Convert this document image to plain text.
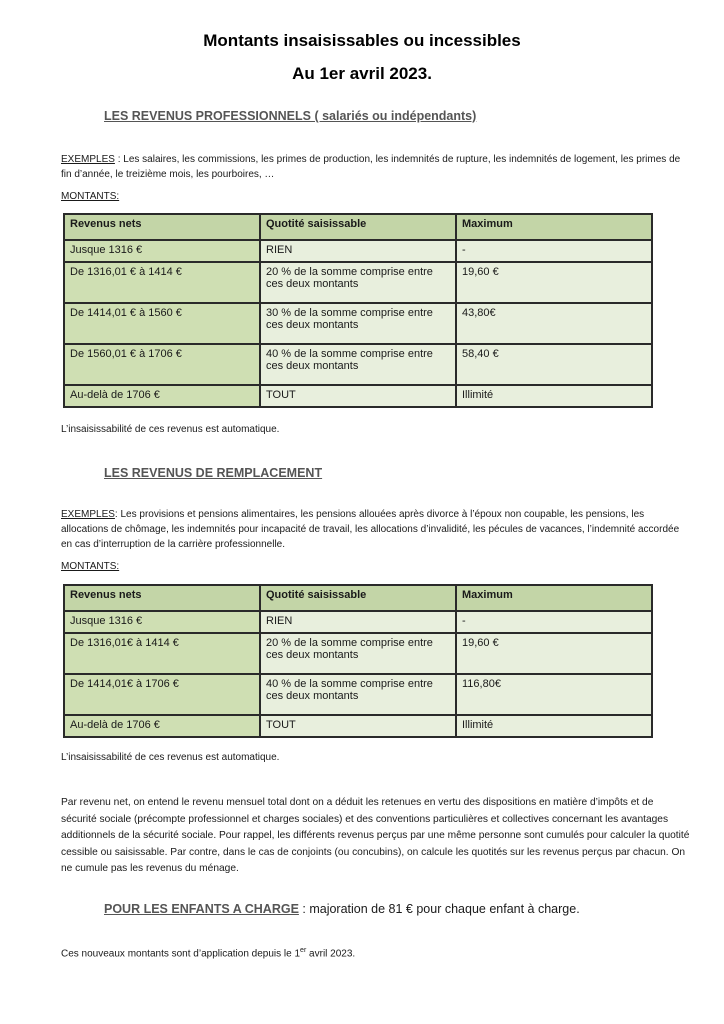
Montants insaisissables ou incessibles
Au 1er avril 2023.
LES REVENUS PROFESSIONNELS ( salariés ou indépendants)
EXEMPLES : Les salaires, les commissions, les primes de production, les indemnités de rupture, les indemnités de logement, les primes de fin d’année, le treizième mois, les pourboires, …
MONTANTS:
Revenus nets	Quotité saisissable	Maximum
Jusque 1316 €	RIEN	-
De 1316,01 € à 1414 €	20 % de la somme comprise entre ces deux montants	19,60 €
De 1414,01 € à 1560 €	30 % de la somme comprise entre ces deux montants	43,80€
De 1560,01 € à 1706 €	40 % de la somme comprise entre ces deux montants	58,40 €
Au-delà de 1706 €	TOUT	Illimité
L’insaisissabilité de ces revenus est automatique.
LES REVENUS DE REMPLACEMENT
EXEMPLES: Les provisions et pensions alimentaires, les pensions allouées après divorce à l’époux non coupable, les pensions, les allocations de chômage, les indemnités pour incapacité de travail, les allocations d’invalidité, les pécules de vacances, l’indemnité accordée en cas d’interruption de la carrière professionnelle.
MONTANTS:
Revenus nets	Quotité saisissable	Maximum
Jusque 1316 €	RIEN	-
De 1316,01€ à 1414 €	20 % de la somme comprise entre ces deux montants	19,60 €
De 1414,01€ à 1706 €	40 % de la somme comprise entre ces deux montants	116,80€
Au-delà de 1706 €	TOUT	Illimité
L’insaisissabilité de ces revenus est automatique.
Par revenu net, on entend le revenu mensuel total dont on a déduit les retenues en vertu des dispositions en matière d’impôts et de sécurité sociale (précompte professionnel et charges sociales) et des conventions particulières et collectives concernant les avantages additionnels de la sécurité sociale. Pour rappel, les différents revenus perçus par une même personne sont cumulés pour calculer la quotité cessible ou saisissable. Par contre, dans le cas de conjoints (ou concubins), on calcule les quotités sur les revenus perçus par chacun. On ne cumule pas les revenus du ménage.
POUR LES ENFANTS A CHARGE : majoration de 81 € pour chaque enfant à charge.
Ces nouveaux montants sont d’application depuis le 1er avril 2023.
